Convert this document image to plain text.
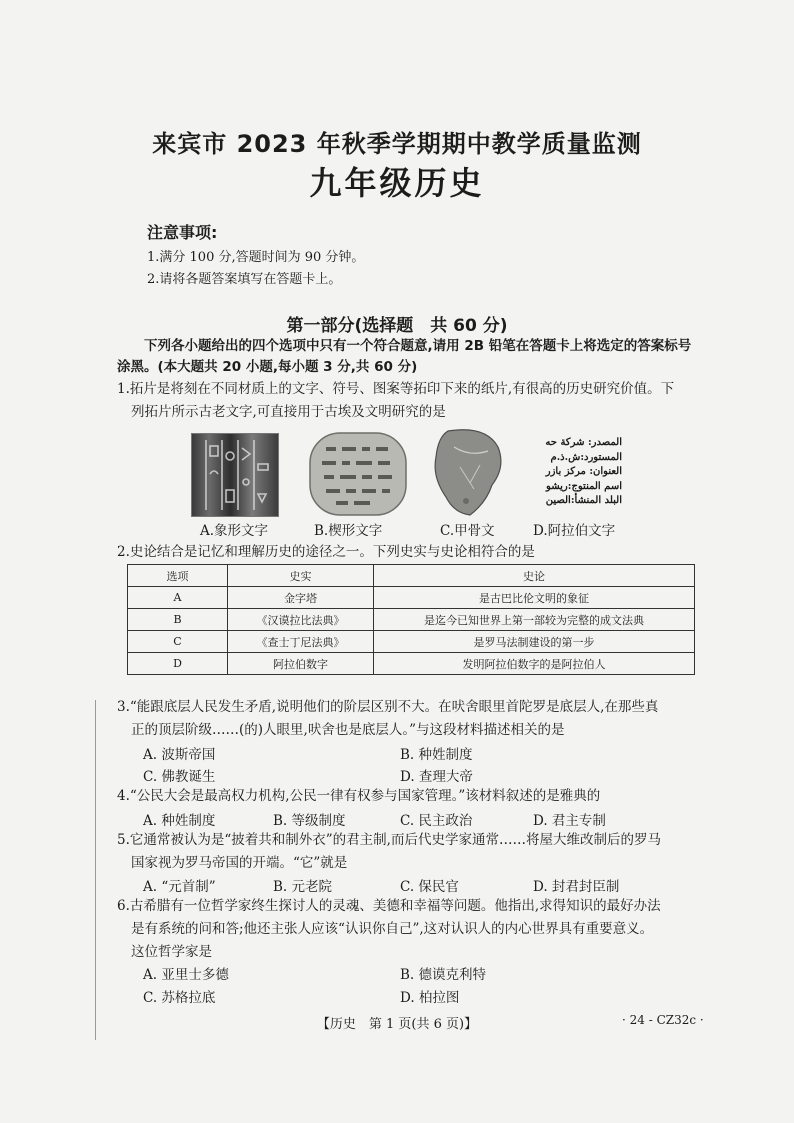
来宾市 2023 年秋季学期期中教学质量监测
九年级历史
注意事项:
1.满分 100 分,答题时间为 90 分钟。
2.请将各题答案填写在答题卡上。
第一部分(选择题　共 60 分)
下列各小题给出的四个选项中只有一个符合题意,请用 2B 铅笔在答题卡上将选定的答案标号涂黑。(本大题共 20 小题,每小题 3 分,共 60 分)
1.拓片是将刻在不同材质上的文字、符号、图案等拓印下来的纸片,有很高的历史研究价值。下
列拓片所示古老文字,可直接用于古埃及文明研究的是
المصدر: شركة حه
المستورد:ش.ذ.م
العنوان: مركز بازر
اسم المنتوج:ريشو
البلد المنشأ:الصين
A.象形文字	B.楔形文字	C.甲骨文	D.阿拉伯文字
2.史论结合是记忆和理解历史的途径之一。下列史实与史论相符合的是
选项	史实	史论
A	金字塔	是古巴比伦文明的象征
B	《汉谟拉比法典》	是迄今已知世界上第一部较为完整的成文法典
C	《查士丁尼法典》	是罗马法制建设的第一步
D	阿拉伯数字	发明阿拉伯数字的是阿拉伯人
3.“能跟底层人民发生矛盾,说明他们的阶层区别不大。在吠舍眼里首陀罗是底层人,在那些真
正的顶层阶级……(的)人眼里,吠舍也是底层人。”与这段材料描述相关的是
A. 波斯帝国	B. 种姓制度
C. 佛教诞生	D. 查理大帝
4.“公民大会是最高权力机构,公民一律有权参与国家管理。”该材料叙述的是雅典的
A. 种姓制度	B. 等级制度	C. 民主政治	D. 君主专制
5.它通常被认为是“披着共和制外衣”的君主制,而后代史学家通常……将屋大维改制后的罗马
国家视为罗马帝国的开端。“它”就是
A. “元首制”	B. 元老院	C. 保民官	D. 封君封臣制
6.古希腊有一位哲学家终生探讨人的灵魂、美德和幸福等问题。他指出,求得知识的最好办法
是有系统的问和答;他还主张人应该“认识你自己”,这对认识人的内心世界具有重要意义。
这位哲学家是
A. 亚里士多德	B. 德谟克利特
C. 苏格拉底	D. 柏拉图
【历史　第 1 页(共 6 页)】	· 24 - CZ32c ·
